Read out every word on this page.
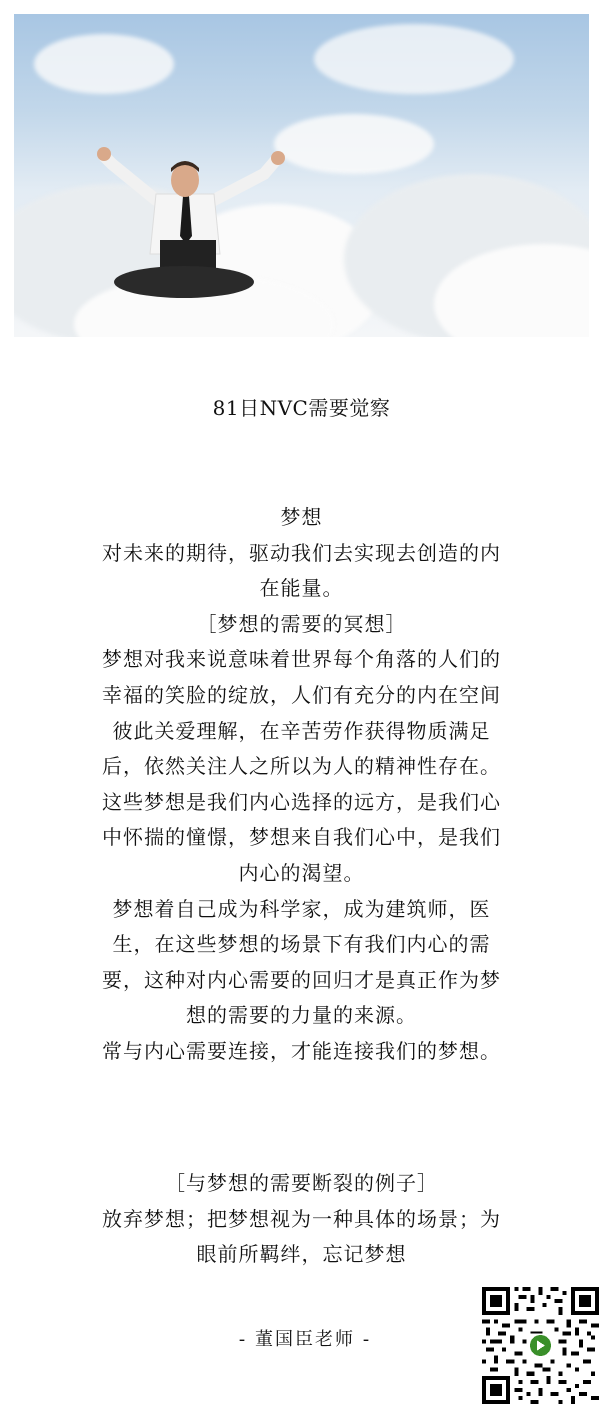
81日NVC需要觉察

梦想

对未来的期待，驱动我们去实现去创造的内

在能量。

［梦想的需要的冥想］

梦想对我来说意味着世界每个角落的人们的

幸福的笑脸的绽放，人们有充分的内在空间

彼此关爱理解，在辛苦劳作获得物质满足

后，依然关注人之所以为人的精神性存在。

这些梦想是我们内心选择的远方，是我们心

中怀揣的憧憬，梦想来自我们心中，是我们

内心的渴望。

梦想着自己成为科学家，成为建筑师，医

生，在这些梦想的场景下有我们内心的需

要，这种对内心需要的回归才是真正作为梦

想的需要的力量的来源。

常与内心需要连接，才能连接我们的梦想。

［与梦想的需要断裂的例子］

放弃梦想；把梦想视为一种具体的场景；为

眼前所羁绊，忘记梦想

- 董国臣老师 -
